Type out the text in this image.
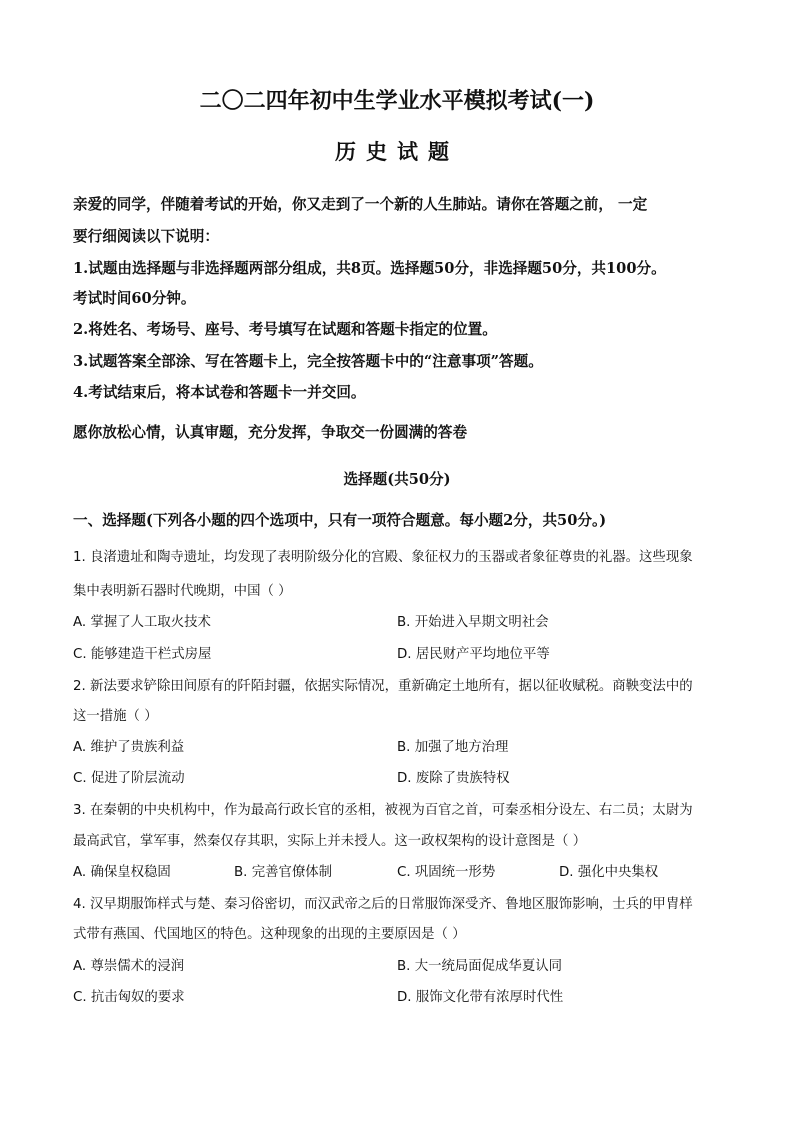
二〇二四年初中生学业水平模拟考试(一)
历史试题
亲爱的同学，伴随着考试的开始，你又走到了一个新的人生肺站。请你在答题之前， 一定
要行细阅读以下说明：
1.试题由选择题与非选择题两部分组成，共8页。选择题50分，非选择题50分，共100分。
考试时间60分钟。
2.将姓名、考场号、座号、考号填写在试题和答题卡指定的位置。
3.试题答案全部涂、写在答题卡上，完全按答题卡中的“注意事项”答题。
4.考试结束后，将本试卷和答题卡一并交回。
愿你放松心情，认真审题，充分发挥，争取交一份圆满的答卷
选择题(共50分)
一、选择题(下列各小题的四个选项中，只有一项符合题意。每小题2分，共50分。)
1. 良渚遗址和陶寺遗址，均发现了表明阶级分化的宫殿、象征权力的玉器或者象征尊贵的礼器。这些现象
集中表明新石器时代晚期，中国（ ）
A. 掌握了人工取火技术	B. 开始进入早期文明社会
C. 能够建造干栏式房屋	D. 居民财产平均地位平等
2. 新法要求铲除田间原有的阡陌封疆，依据实际情况，重新确定土地所有，据以征收赋税。商鞅变法中的
这一措施（ ）
A. 维护了贵族利益	B. 加强了地方治理
C. 促进了阶层流动	D. 废除了贵族特权
3. 在秦朝的中央机构中，作为最高行政长官的丞相，被视为百官之首，可秦丞相分设左、右二员；太尉为
最高武官，掌军事，然秦仅存其职，实际上并未授人。这一政权架构的设计意图是（ ）
A. 确保皇权稳固	B. 完善官僚体制	C. 巩固统一形势	D. 强化中央集权
4. 汉早期服饰样式与楚、秦习俗密切，而汉武帝之后的日常服饰深受齐、鲁地区服饰影响，士兵的甲胄样
式带有燕国、代国地区的特色。这种现象的出现的主要原因是（ ）
A. 尊崇儒术的浸润	B. 大一统局面促成华夏认同
C. 抗击匈奴的要求	D. 服饰文化带有浓厚时代性
